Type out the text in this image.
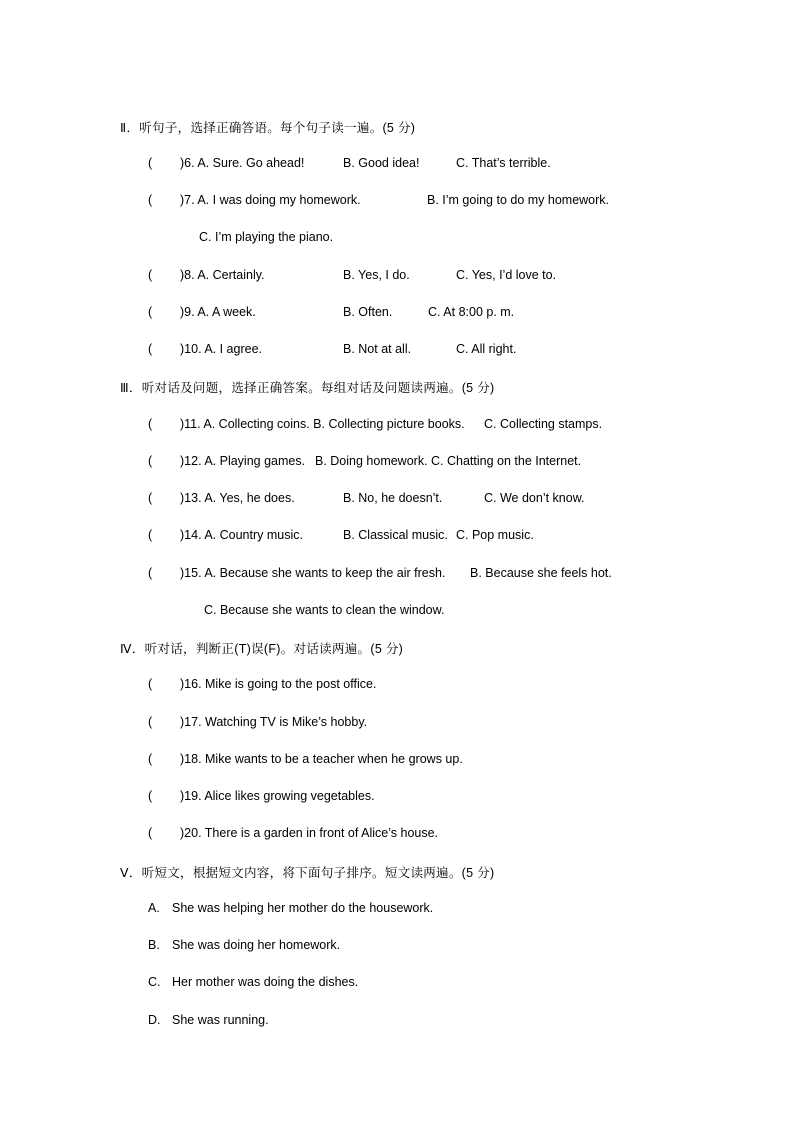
Ⅱ．听句子，选择正确答语。每个句子读一遍。(5 分)
( )6. A. Sure. Go ahead!	B. Good idea!	C. That’s terrible.
( )7. A. I was doing my homework.	B. I’m going to do my homework.
C. I’m playing the piano.
( )8. A. Certainly.	B. Yes, I do.	C. Yes, I’d love to.
( )9. A. A week.	B. Often.	C. At 8:00 p. m.
( )10. A. I agree.	B. Not at all.	C. All right.
Ⅲ．听对话及问题，选择正确答案。每组对话及问题读两遍。(5 分)
( )11. A. Collecting coins. B. Collecting picture books. C. Collecting stamps.
( )12. A. Playing games. B. Doing homework. C. Chatting on the Internet.
( )13. A. Yes, he does.	B. No, he doesn’t.	C. We don’t know.
( )14. A. Country music.	B. Classical music. C. Pop music.
( )15. A. Because she wants to keep the air fresh. B. Because she feels hot.
C. Because she wants to clean the window.
Ⅳ．听对话，判断正(T)误(F)。对话读两遍。(5 分)
( )16. Mike is going to the post office.
( )17. Watching TV is Mike’s hobby.
( )18. Mike wants to be a teacher when he grows up.
( )19. Alice likes growing vegetables.
( )20. There is a garden in front of Alice’s house.
Ⅴ．听短文，根据短文内容，将下面句子排序。短文读两遍。(5 分)
A. She was helping her mother do the housework.
B. She was doing her homework.
C. Her mother was doing the dishes.
D. She was running.
